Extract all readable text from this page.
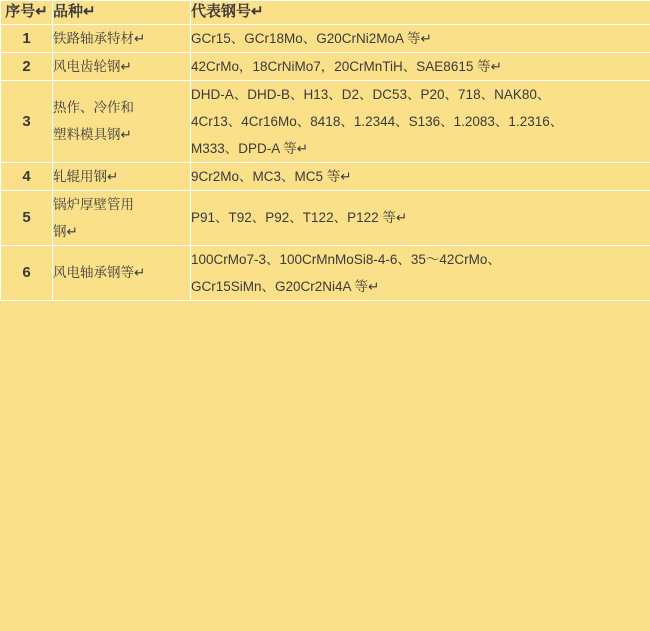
序号↵	品种↵	代表钢号↵
1	铁路轴承特材↵	GCr15、GCr18Mo、G20CrNi2MoA 等↵

2	风电齿轮钢↵	42CrMo，18CrNiMo7，20CrMnTiH、SAE8615 等↵

3	热作、冷作和
塑料模具钢↵	DHD-A、DHD-B、H13、D2、DC53、P20、718、NAK80、
4Cr13、4Cr16Mo、8418、1.2344、S136、1.2083、1.2316、
M333、DPD-A 等↵

4	轧辊用钢↵	9Cr2Mo、MC3、MC5 等↵

5	锅炉厚壁管用
钢↵	P91、T92、P92、T122、P122 等↵

6	风电轴承钢等↵	100CrMo7-3、100CrMnMoSi8-4-6、35～42CrMo、
GCr15SiMn、G20Cr2Ni4A 等↵
